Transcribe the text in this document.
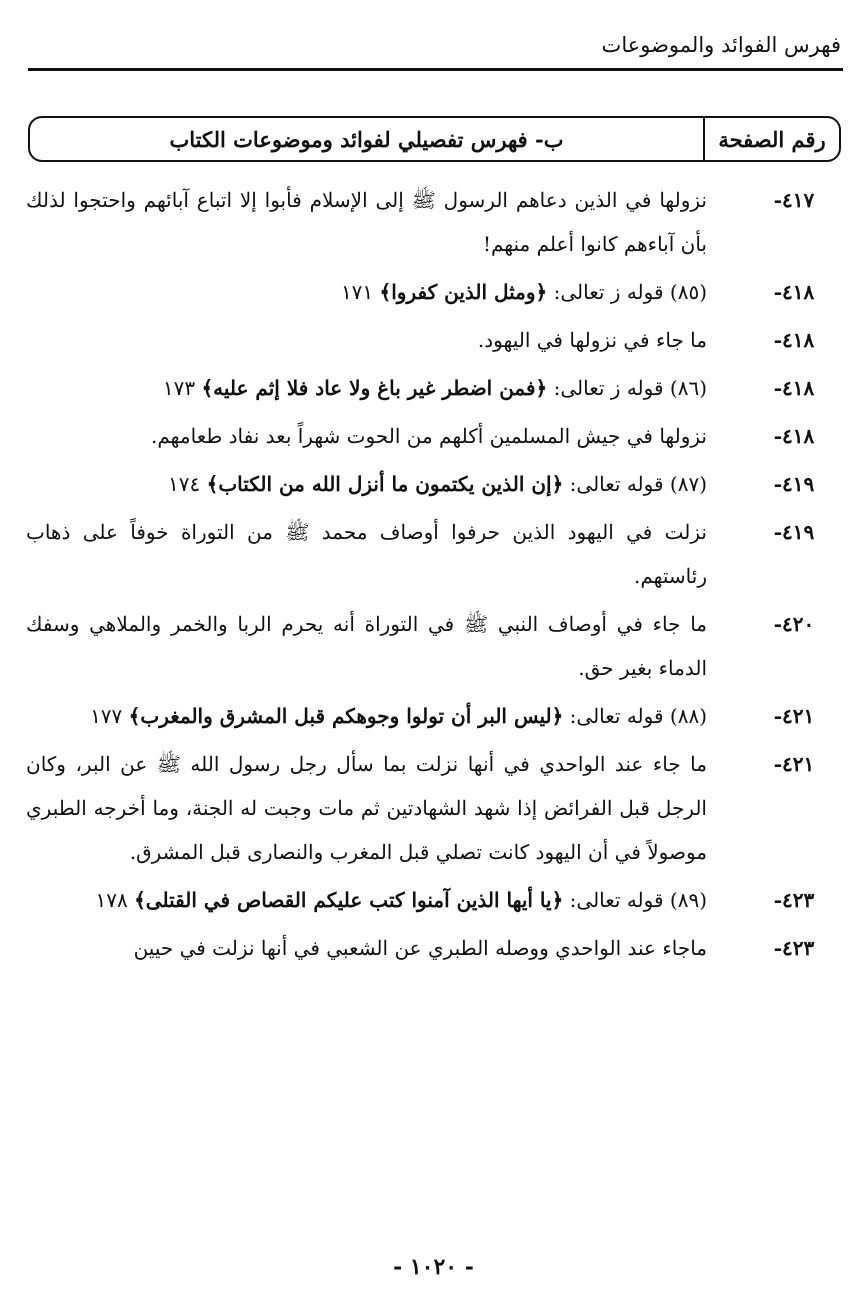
فهرس الفوائد والموضوعات
رقم الصفحة
ب- فهرس تفصيلي لفوائد وموضوعات الكتاب
٤١٧-
نزولها في الذين دعاهم الرسول ﷺ إلى الإسلام فأبوا إلا اتباع آبائهم واحتجوا لذلك بأن آباءهم كانوا أعلم منهم!
٤١٨-
(٨٥) قوله ز تعالى: ﴿ومثل الذين كفروا﴾ ١٧١
٤١٨-
ما جاء في نزولها في اليهود.
٤١٨-
(٨٦) قوله ز تعالى: ﴿فمن اضطر غير باغ ولا عاد فلا إثم عليه﴾ ١٧٣
٤١٨-
نزولها في جيش المسلمين أكلهم من الحوت شهراً بعد نفاد طعامهم.
٤١٩-
(٨٧) قوله تعالى: ﴿إن الذين يكتمون ما أنزل الله من الكتاب﴾ ١٧٤
٤١٩-
نزلت في اليهود الذين حرفوا أوصاف محمد ﷺ من التوراة خوفاً على ذهاب رئاستهم.
٤٢٠-
ما جاء في أوصاف النبي ﷺ في التوراة أنه يحرم الربا والخمر والملاهي وسفك الدماء بغير حق.
٤٢١-
(٨٨) قوله تعالى: ﴿ليس البر أن تولوا وجوهكم قبل المشرق والمغرب﴾ ١٧٧
٤٢١-
ما جاء عند الواحدي في أنها نزلت بما سأل رجل رسول الله ﷺ عن البر، وكان الرجل قبل الفرائض إذا شهد الشهادتين ثم مات وجبت له الجنة، وما أخرجه الطبري موصولاً في أن اليهود كانت تصلي قبل المغرب والنصارى قبل المشرق.
٤٢٣-
(٨٩) قوله تعالى: ﴿يا أيها الذين آمنوا كتب عليكم القصاص في القتلى﴾ ١٧٨
٤٢٣-
ماجاء عند الواحدي ووصله الطبري عن الشعبي في أنها نزلت في حيين
- ١٠٢٠ -
